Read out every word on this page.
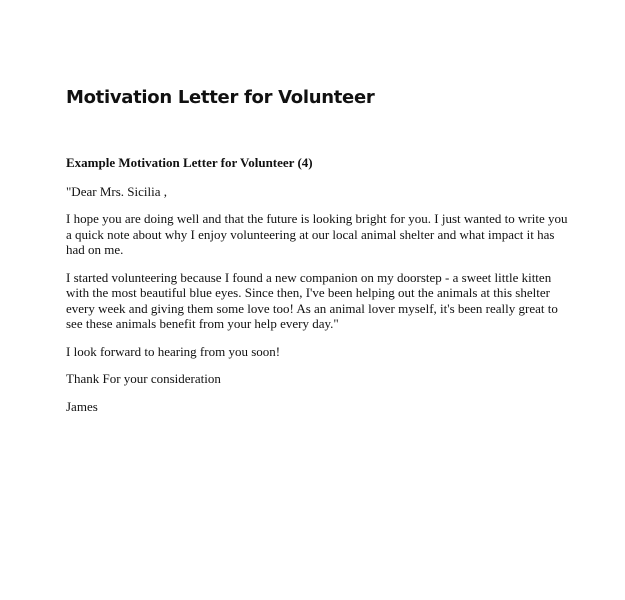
Motivation Letter for Volunteer

Example Motivation Letter for Volunteer (4)

"Dear Mrs. Sicilia ,

I hope you are doing well and that the future is looking bright for you. I just wanted to write you
a quick note about why I enjoy volunteering at our local animal shelter and what impact it has
had on me.

I started volunteering because I found a new companion on my doorstep - a sweet little kitten
with the most beautiful blue eyes. Since then, I've been helping out the animals at this shelter
every week and giving them some love too! As an animal lover myself, it's been really great to
see these animals benefit from your help every day."

I look forward to hearing from you soon!

Thank For your consideration

James
